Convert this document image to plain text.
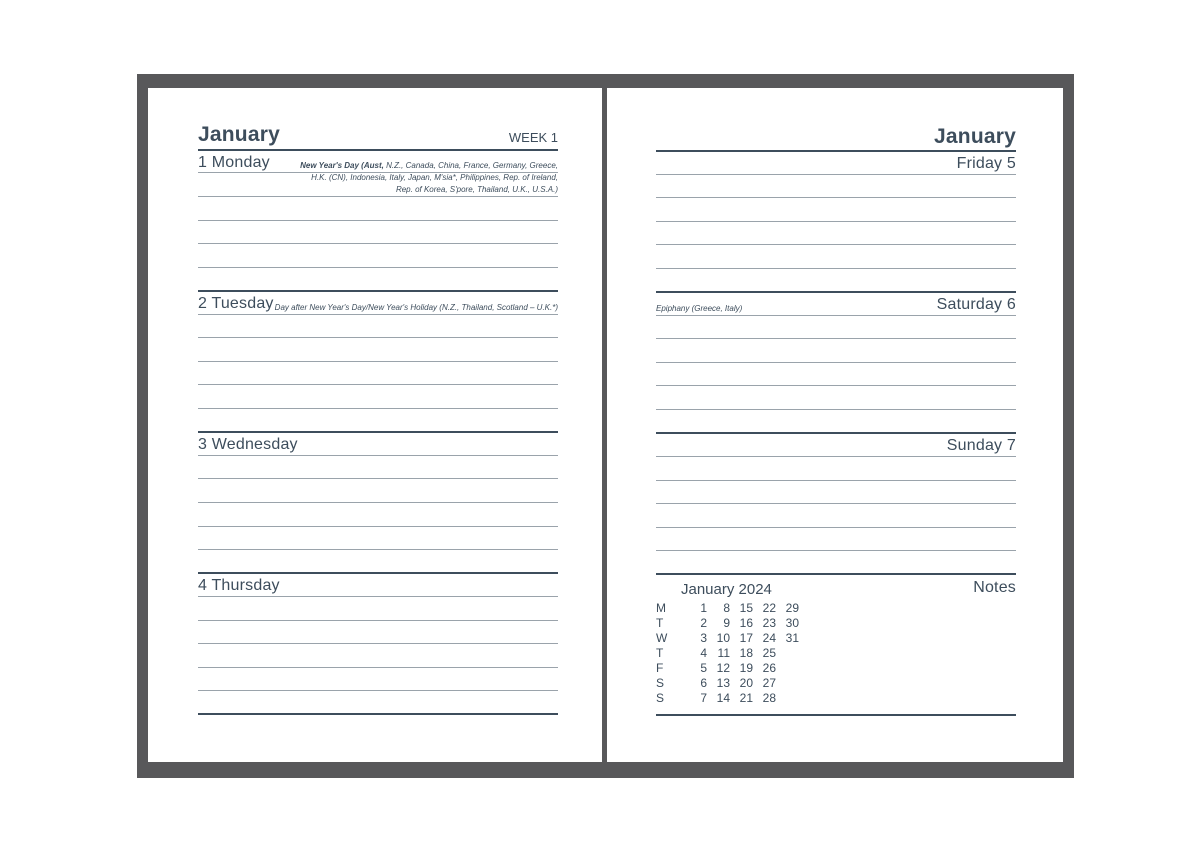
January	WEEK 1
1 Monday	New Year's Day (Aust, N.Z., Canada, China, France, Germany, Greece,
H.K. (CN), Indonesia, Italy, Japan, M'sia*, Philippines, Rep. of Ireland,
Rep. of Korea, S'pore, Thailand, U.K., U.S.A.)
2 Tuesday Day after New Year's Day/New Year's Holiday (N.Z., Thailand, Scotland – U.K.*)
3 Wednesday
4 Thursday
January
Friday 5
Saturday 6
Epiphany (Greece, Italy)
Sunday 7
Notes
January 2024
M	1 8 15 22 29
T	2 9 16 23 30
W	3 10 17 24 31
T	4 11 18 25
F	5 12 19 26
S	6 13 20 27
S	7 14 21 28
